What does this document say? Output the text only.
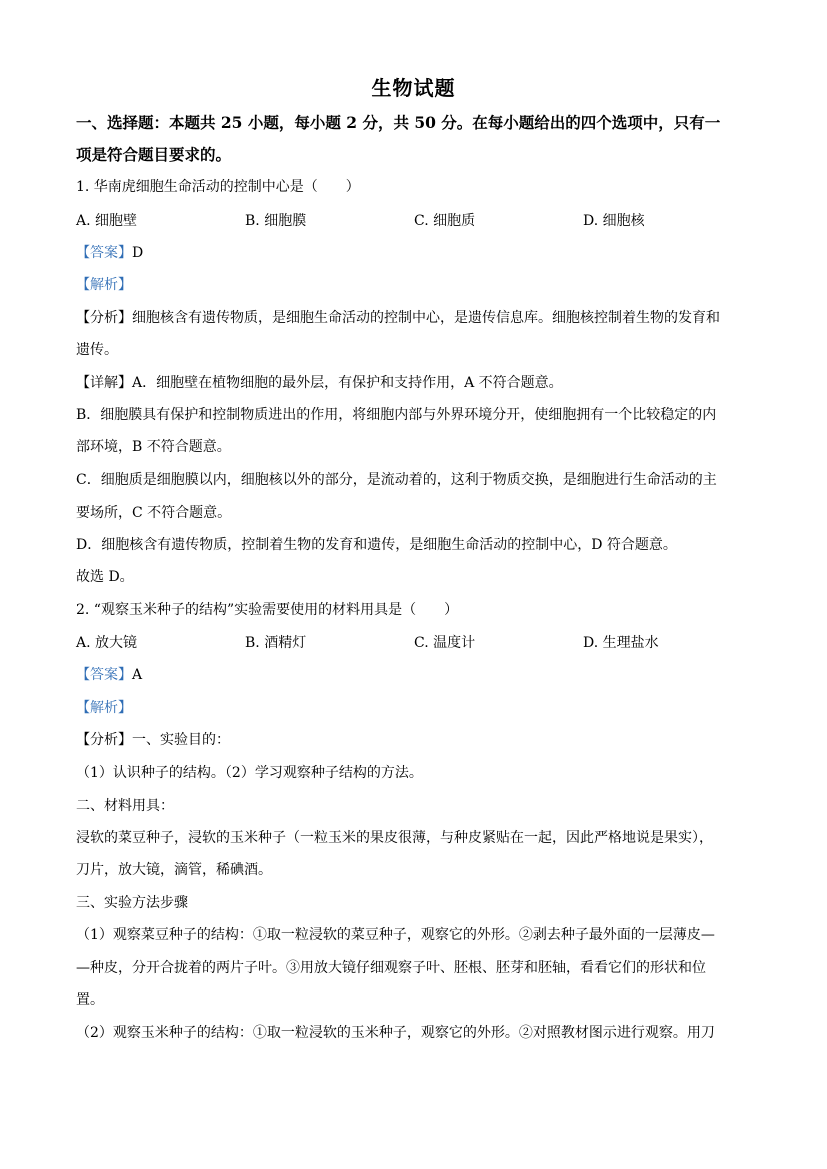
生物试题
一、选择题：本题共 25 小题，每小题 2 分，共 50 分。在每小题给出的四个选项中，只有一
项是符合题目要求的。
1. 华南虎细胞生命活动的控制中心是（　　）
A. 细胞壁	B. 细胞膜	C. 细胞质	D. 细胞核
【答案】D
【解析】
【分析】细胞核含有遗传物质，是细胞生命活动的控制中心，是遗传信息库。细胞核控制着生物的发育和
遗传。
【详解】A．细胞壁在植物细胞的最外层，有保护和支持作用，A 不符合题意。
B．细胞膜具有保护和控制物质进出的作用，将细胞内部与外界环境分开，使细胞拥有一个比较稳定的内
部环境，B 不符合题意。
C．细胞质是细胞膜以内，细胞核以外的部分，是流动着的，这利于物质交换，是细胞进行生命活动的主
要场所，C 不符合题意。
D．细胞核含有遗传物质，控制着生物的发育和遗传，是细胞生命活动的控制中心，D 符合题意。
故选 D。
2. “观察玉米种子的结构”实验需要使用的材料用具是（　　）
A. 放大镜	B. 酒精灯	C. 温度计	D. 生理盐水
【答案】A
【解析】
【分析】一、实验目的：
（1）认识种子的结构。（2）学习观察种子结构的方法。
二、材料用具：
浸软的菜豆种子，浸软的玉米种子（一粒玉米的果皮很薄，与种皮紧贴在一起，因此严格地说是果实），
刀片，放大镜，滴管，稀碘酒。
三、实验方法步骤
（1）观察菜豆种子的结构：①取一粒浸软的菜豆种子，观察它的外形。②剥去种子最外面的一层薄皮—
—种皮，分开合拢着的两片子叶。③用放大镜仔细观察子叶、胚根、胚芽和胚轴，看看它们的形状和位
置。
（2）观察玉米种子的结构：①取一粒浸软的玉米种子，观察它的外形。②对照教材图示进行观察。用刀
